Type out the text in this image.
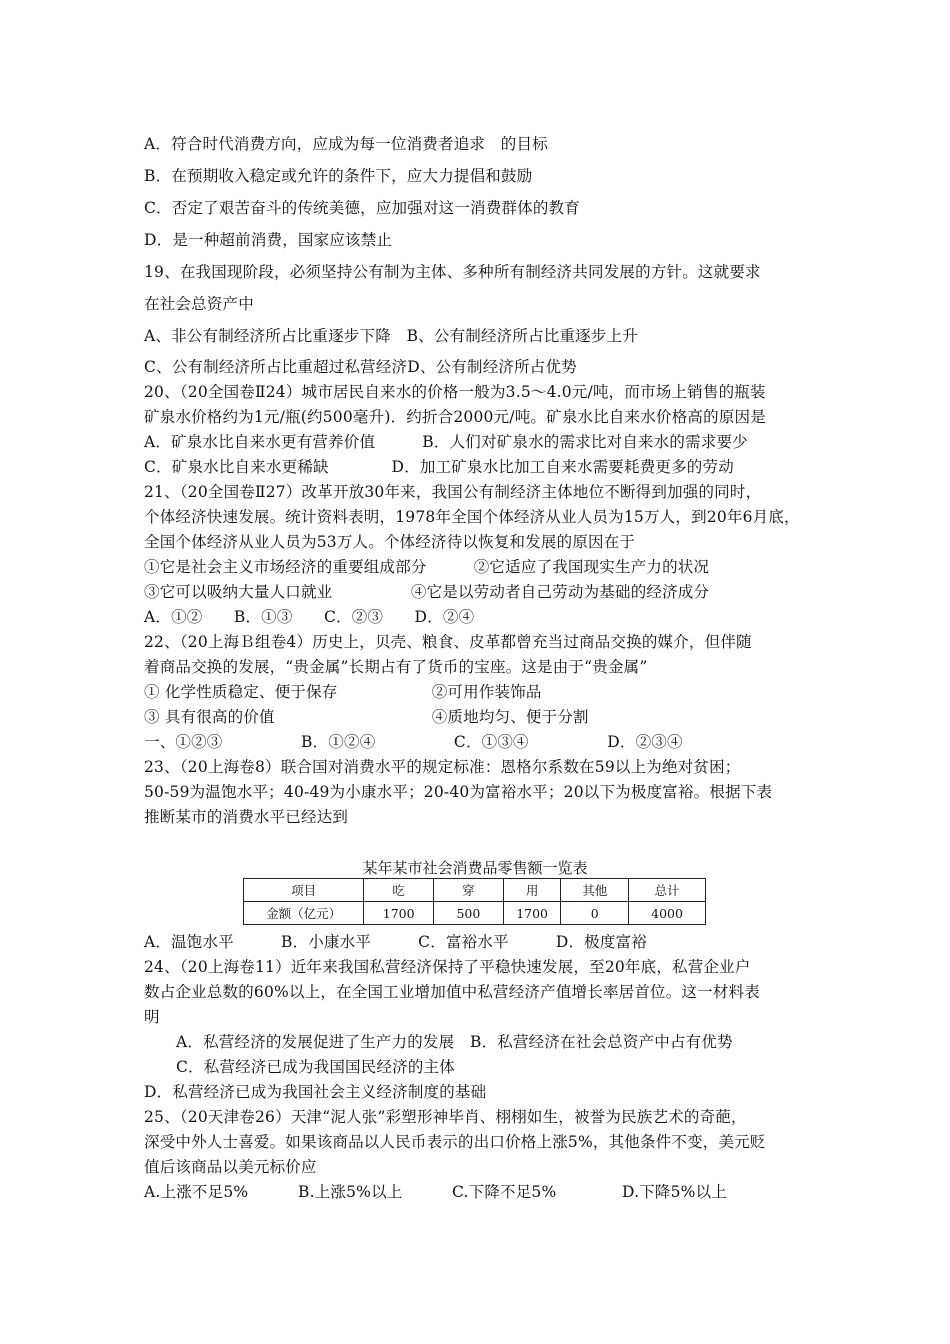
A．符合时代消费方向，应成为每一位消费者追求　的目标
B．在预期收入稳定或允许的条件下，应大力提倡和鼓励
C．否定了艰苦奋斗的传统美德，应加强对这一消费群体的教育
D．是一种超前消费，国家应该禁止
19、在我国现阶段，必须坚持公有制为主体、多种所有制经济共同发展的方针。这就要求
在社会总资产中
A、非公有制经济所占比重逐步下降　B、公有制经济所占比重逐步上升
C、公有制经济所占比重超过私营经济D、公有制经济所占优势
20、（20全国卷Ⅱ24）城市居民自来水的价格一般为3.5～4.0元/吨，而市场上销售的瓶装
矿泉水价格约为1元/瓶(约500毫升)．约折合2000元/吨。矿泉水比自来水价格高的原因是
A．矿泉水比自来水更有营养价值　　　B．人们对矿泉水的需求比对自来水的需求要少
C．矿泉水比自来水更稀缺　　　　D．加工矿泉水比加工自来水需要耗费更多的劳动
21、（20全国卷Ⅱ27）改革开放30年来，我国公有制经济主体地位不断得到加强的同时，
个体经济快速发展。统计资料表明，1978年全国个体经济从业人员为15万人，到20年6月底，
全国个体经济从业人员为53万人。个体经济待以恢复和发展的原因在于
①它是社会主义市场经济的重要组成部分　　　②它适应了我国现实生产力的状况
③它可以吸纳大量人口就业　　　　　④它是以劳动者自己劳动为基础的经济成分
A．①②　　B．①③　　C．②③　　D．②④
22、（20上海Ｂ组卷4）历史上，贝壳、粮食、皮革都曾充当过商品交换的媒介，但伴随
着商品交换的发展，“贵金属”长期占有了货币的宝座。这是由于“贵金属”
① 化学性质稳定、便于保存　　　　　　②可用作装饰品
③ 具有很高的价值　　　　　　　　　　④质地均匀、便于分割
一、①②③　　　　　B．①②④　　　　　C．①③④　　　　　D．②③④
23、（20上海卷8）联合国对消费水平的规定标准：恩格尔系数在59以上为绝对贫困；
50-59为温饱水平；40-49为小康水平；20-40为富裕水平；20以下为极度富裕。根据下表
推断某市的消费水平已经达到
某年某市社会消费品零售额一览表
项目	吃	穿	用	其他	总计
金额（亿元）	1700	500	1700	0	4000
A．温饱水平　　　B．小康水平　　　C．富裕水平　　　D．极度富裕
24、（20上海卷11）近年来我国私营经济保持了平稳快速发展，至20年底，私营企业户
数占企业总数的60%以上，在全国工业增加值中私营经济产值增长率居首位。这一材料表
明
A．私营经济的发展促进了生产力的发展　B．私营经济在社会总资产中占有优势
C．私营经济已成为我国国民经济的主体
D．私营经济已成为我国社会主义经济制度的基础
25、（20天津卷26）天津“泥人张”彩塑形神毕肖、栩栩如生，被誉为民族艺术的奇葩，
深受中外人士喜爱。如果该商品以人民币表示的出口价格上涨5%，其他条件不变，美元贬
值后该商品以美元标价应
A.上涨不足5%	B.上涨5%以上	C.下降不足5%	D.下降5%以上
